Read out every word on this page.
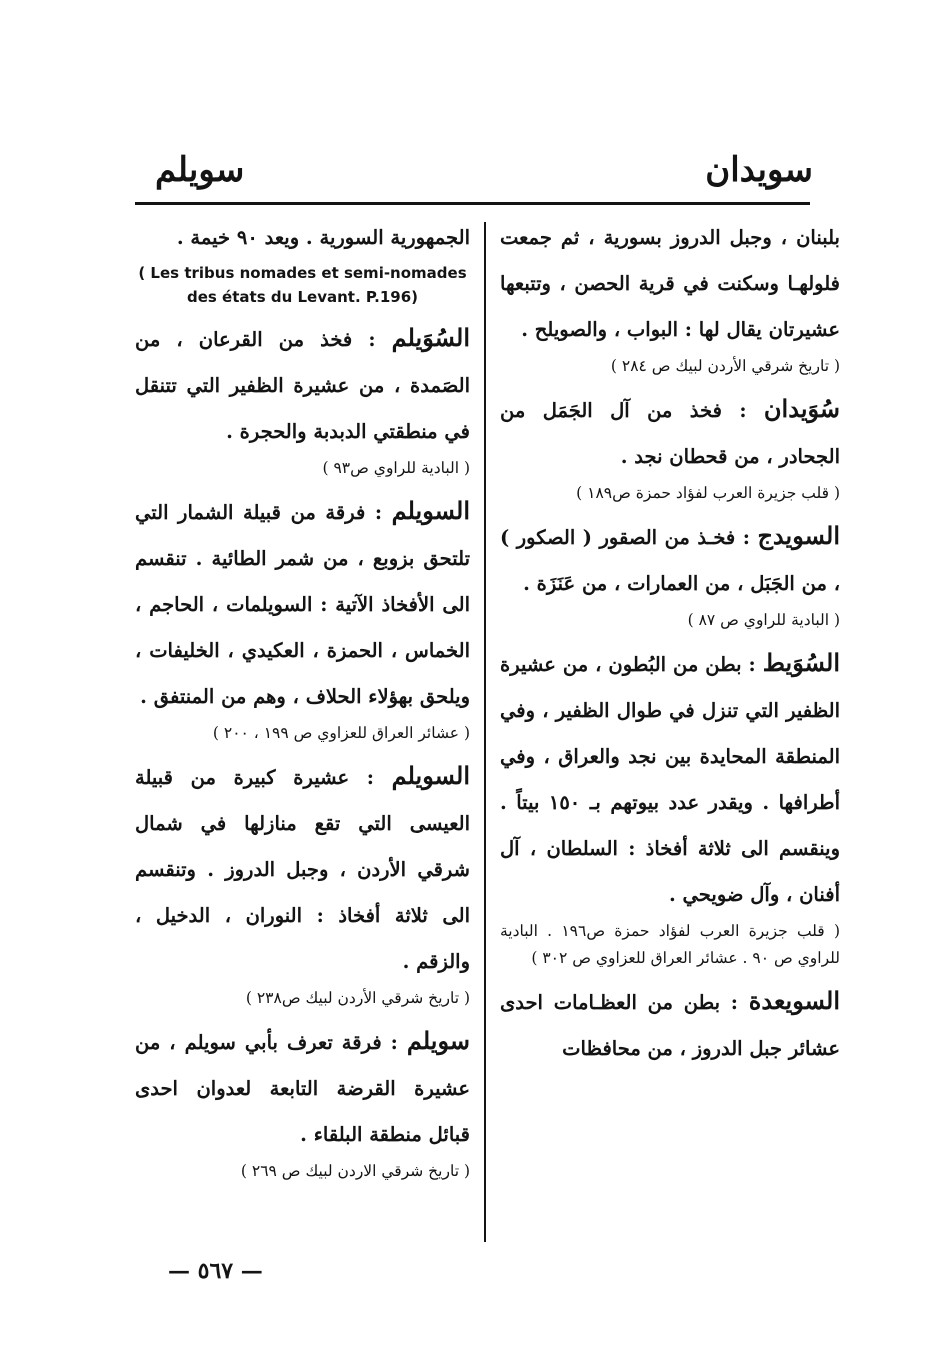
سويدان
سويلم

بلبنان ، وجبل الدروز بسورية ، ثم جمعت فلولهـا وسكنت في قرية الحصن ، وتتبعها عشيرتان يقال لها : البواب ، والصويلح .

( تاريخ شرقي الأردن لبيك ص ٢٨٤ )

سُوَيدان : فخذ من آل الجَمَل من الجحادر ، من قحطان نجد .

( قلب جزيرة العرب لفؤاد حمزة ص١٨٩ )

السويدج : فخـذ من الصقور ( الصكور ) ، من الجَبَل ، من العمارات ، من عَنَزَة .

( البادية للراوي ص ٨٧ )

السُوَيط : بطن من البُطون ، من عشيرة الظفير التي تنزل في طوال الظفير ، وفي المنطقة المحايدة بين نجد والعراق ، وفي أطرافها . ويقدر عدد بيوتهم بـ ١٥٠ بيتاً . وينقسم الى ثلاثة أفخاذ : السلطان ، آل أفنان ، وآل ضويحي .

( قلب جزيرة العرب لفؤاد حمزة ص١٩٦ . البادية للراوي ص ٩٠ . عشائر العراق للعزاوي ص ٣٠٢ )

السويعدة : بطن من العظـامات احدى عشائر جبل الدروز ، من محافظات

الجمهورية السورية . ويعد ٩٠ خيمة .

( Les tribus nomades et semi-nomades des états du Levant. P.196)

السُوَيلم : فخذ من القرعان ، من الصَمدة ، من عشيرة الظفير التي تتنقل في منطقتي الدبدبة والحجرة .

( البادية للراوي ص٩٣ )

السويلم : فرقة من قبيلة الشمار التي تلتحق بزوبع ، من شمر الطائية . تنقسم الى الأفخاذ الآتية : السويلمات ، الحاجم ، الخماس ، الحمزة ، العكيدي ، الخليفات ، ويلحق بهؤلاء الحلاف ، وهم من المنتفق .

( عشائر العراق للعزاوي ص ١٩٩ ، ٢٠٠ )

السويلم : عشيرة كبيرة من قبيلة العيسى التي تقع منازلها في شمال شرقي الأردن ، وجبل الدروز . وتنقسم الى ثلاثة أفخاذ : النوران ، الدخيل ، والزقم .

( تاريخ شرقي الأردن لبيك ص٢٣٨ )

سويلم : فرقة تعرف بأبي سويلم ، من عشيرة القرضة التابعة لعدوان احدى قبائل منطقة البلقاء .

( تاريخ شرقي الاردن لبيك ص ٢٦٩ )
— ٥٦٧ —
